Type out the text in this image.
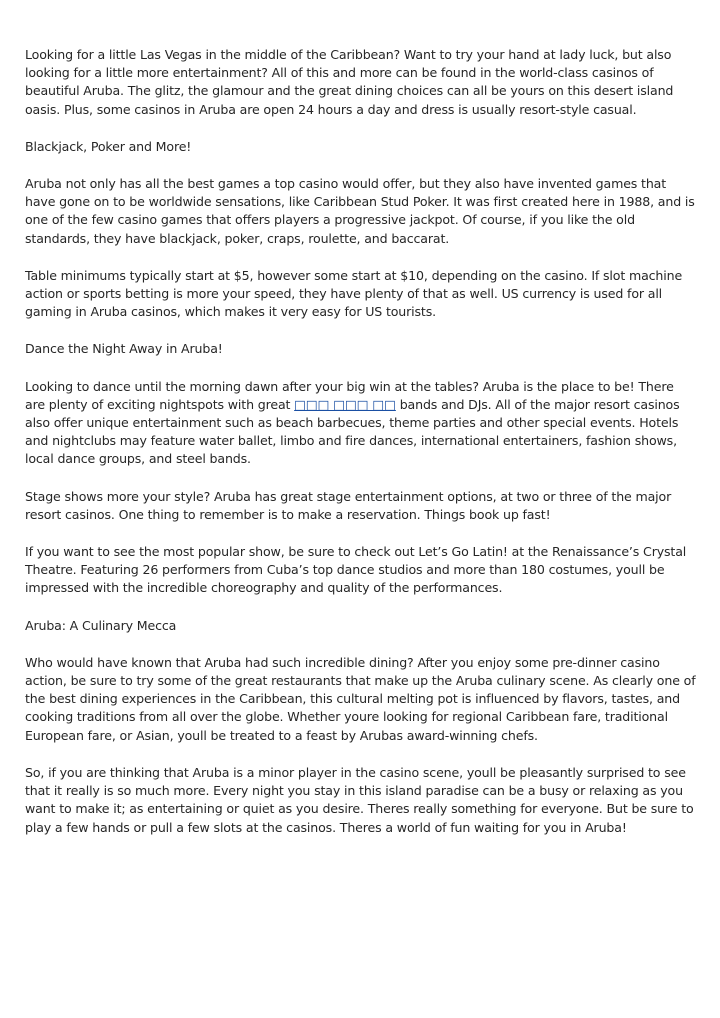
Looking for a little Las Vegas in the middle of the Caribbean? Want to try your hand at lady luck, but also looking for a little more entertainment? All of this and more can be found in the world-class casinos of beautiful Aruba. The glitz, the glamour and the great dining choices can all be yours on this desert island oasis. Plus, some casinos in Aruba are open 24 hours a day and dress is usually resort-style casual.

Blackjack, Poker and More!

Aruba not only has all the best games a top casino would offer, but they also have invented games that have gone on to be worldwide sensations, like Caribbean Stud Poker. It was first created here in 1988, and is one of the few casino games that offers players a progressive jackpot. Of course, if you like the old standards, they have blackjack, poker, craps, roulette, and baccarat.

Table minimums typically start at $5, however some start at $10, depending on the casino. If slot machine action or sports betting is more your speed, they have plenty of that as well. US currency is used for all gaming in Aruba casinos, which makes it very easy for US tourists.

Dance the Night Away in Aruba!

Looking to dance until the morning dawn after your big win at the tables? Aruba is the place to be! There are plenty of exciting nightspots with great □□□ □□□ □□ bands and DJs. All of the major resort casinos also offer unique entertainment such as beach barbecues, theme parties and other special events. Hotels and nightclubs may feature water ballet, limbo and fire dances, international entertainers, fashion shows, local dance groups, and steel bands.

Stage shows more your style? Aruba has great stage entertainment options, at two or three of the major resort casinos. One thing to remember is to make a reservation. Things book up fast!

If you want to see the most popular show, be sure to check out Let’s Go Latin! at the Renaissance’s Crystal Theatre. Featuring 26 performers from Cuba’s top dance studios and more than 180 costumes, youll be impressed with the incredible choreography and quality of the performances.

Aruba: A Culinary Mecca

Who would have known that Aruba had such incredible dining? After you enjoy some pre-dinner casino action, be sure to try some of the great restaurants that make up the Aruba culinary scene. As clearly one of the best dining experiences in the Caribbean, this cultural melting pot is influenced by flavors, tastes, and cooking traditions from all over the globe. Whether youre looking for regional Caribbean fare, traditional European fare, or Asian, youll be treated to a feast by Arubas award-winning chefs.

So, if you are thinking that Aruba is a minor player in the casino scene, youll be pleasantly surprised to see that it really is so much more. Every night you stay in this island paradise can be a busy or relaxing as you want to make it; as entertaining or quiet as you desire. Theres really something for everyone. But be sure to play a few hands or pull a few slots at the casinos. Theres a world of fun waiting for you in Aruba!
